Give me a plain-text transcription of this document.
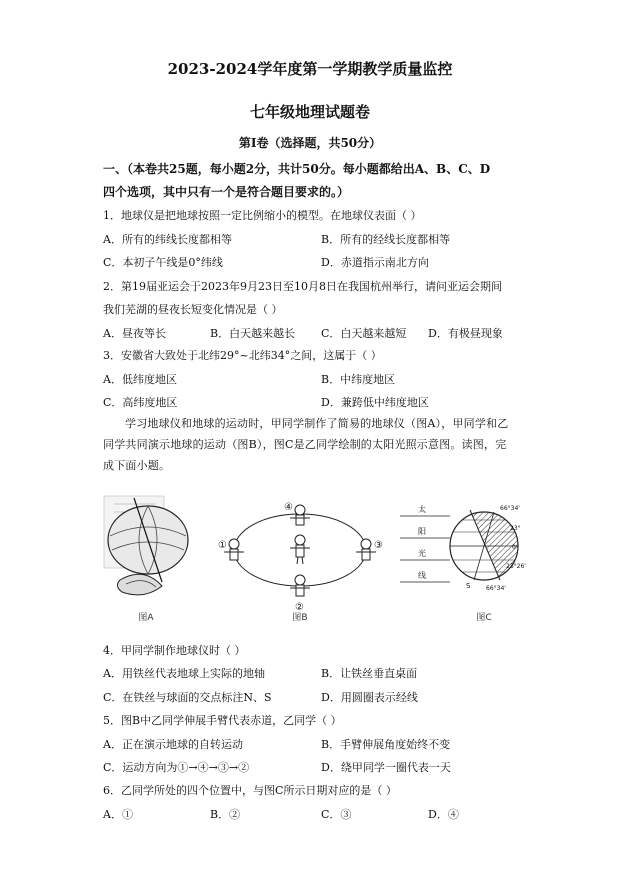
2023-2024学年度第一学期教学质量监控
七年级地理试题卷
第Ⅰ卷（选择题，共50分）
一、（本卷共25题，每小题2分，共计50分。每小题都给出A、B、C、D
四个选项，其中只有一个是符合题目要求的。）
1．地球仪是把地球按照一定比例缩小的模型。在地球仪表面（ ）
A．所有的纬线长度都相等	B．所有的经线长度都相等
C．本初子午线是0°纬线	D．赤道指示南北方向
2．第19届亚运会于2023年9月23日至10月8日在我国杭州举行，请问亚运会期间
我们芜湖的昼夜长短变化情况是（ ）
A．昼夜等长	B．白天越来越长 C．白天越来越短 D．有极昼现象
3．安徽省大致处于北纬29°~北纬34°之间，这属于（ ）
A．低纬度地区	B．中纬度地区
C．高纬度地区	D．兼跨低中纬度地区
学习地球仪和地球的运动时，甲同学制作了简易的地球仪（图A），甲同学和乙同学共同演示地球的运动（图B），图C是乙同学绘制的太阳光照示意图。读图，完成下面小题。
图A
①
②
③
④
图B
太
阳
光
线
66°34'
23°
0°
23°26'
66°34'
S
图C
4．甲同学制作地球仪时（ ）
A．用铁丝代表地球上实际的地轴	B．让铁丝垂直桌面
C．在铁丝与球面的交点标注N、S	D．用圆圈表示经线
5．图B中乙同学伸展手臂代表赤道，乙同学（ ）
A．正在演示地球的自转运动	B．手臂伸展角度始终不变
C．运动方向为①→④→③→②	D．绕甲同学一圈代表一天
6．乙同学所处的四个位置中，与图C所示日期对应的是（ ）
A．①	B．②	C．③	D．④
